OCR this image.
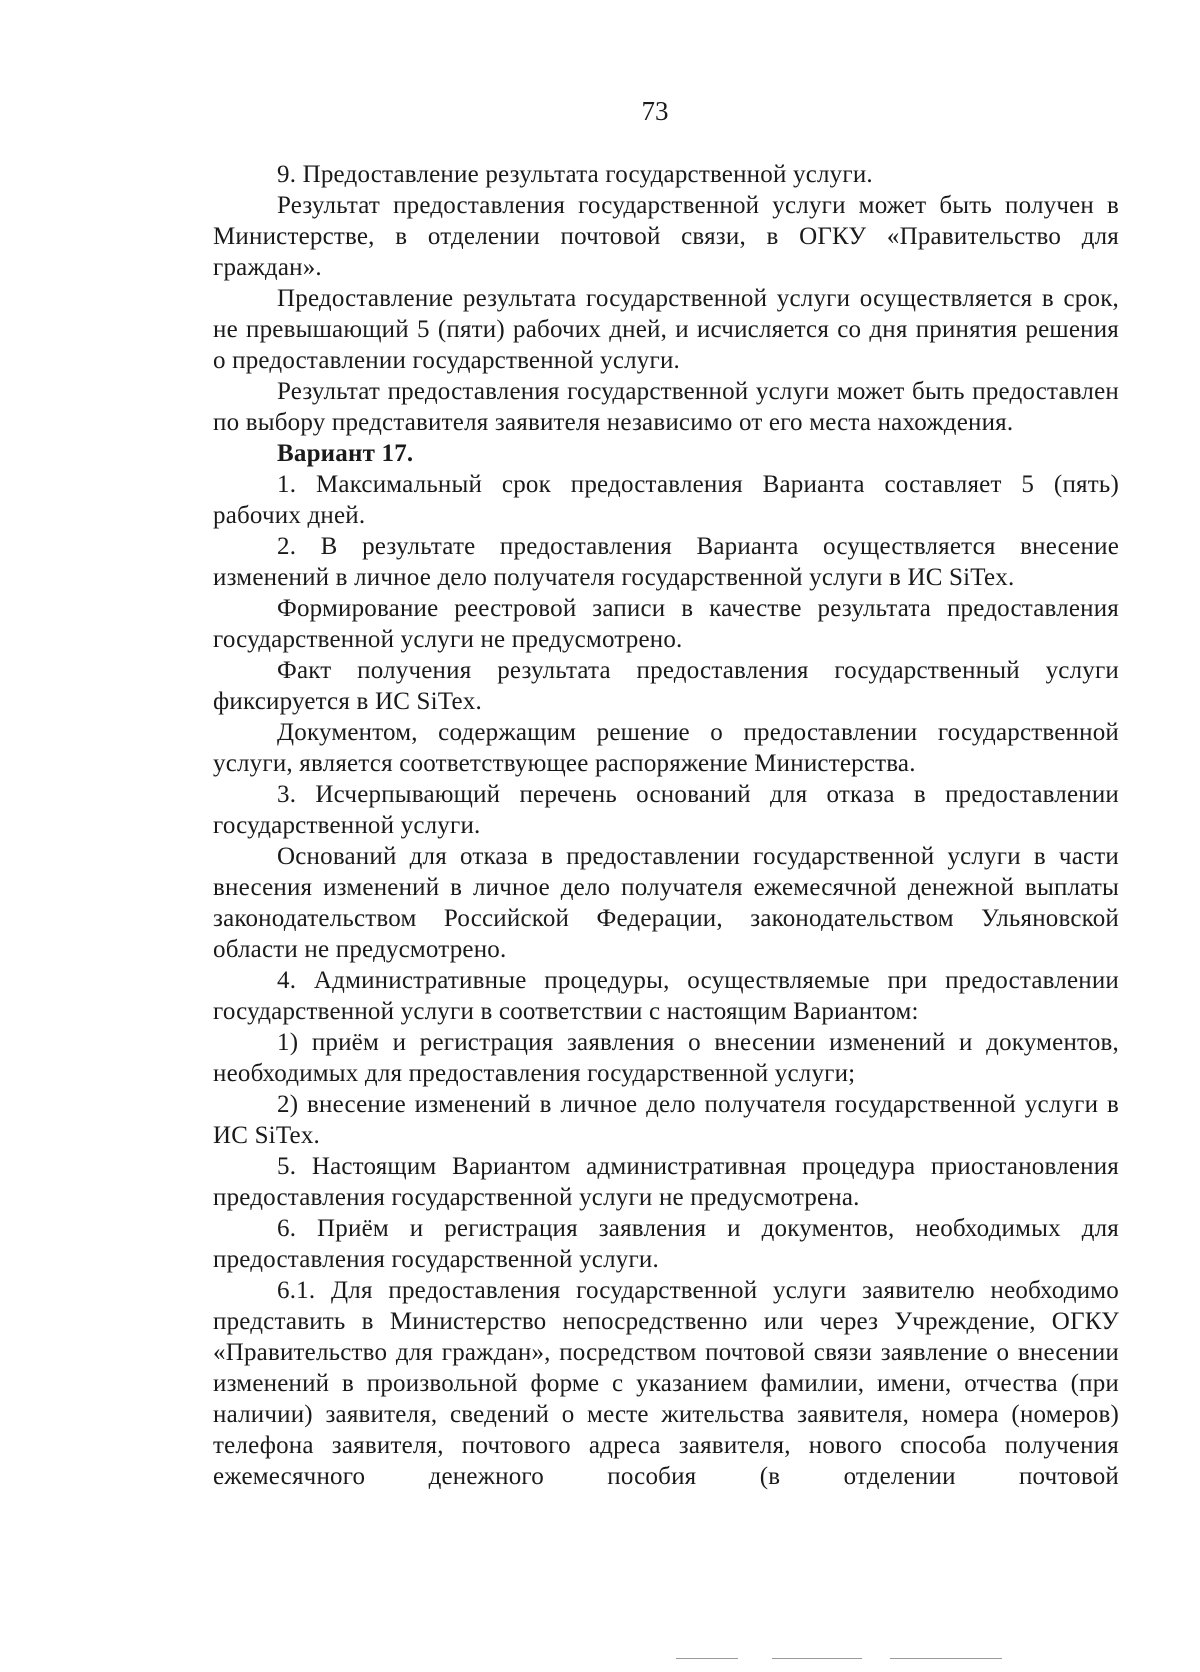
73

9. Предоставление результата государственной услуги.

Результат предоставления государственной услуги может быть получен в Министерстве, в отделении почтовой связи, в ОГКУ «Правительство для граждан».

Предоставление результата государственной услуги осуществляется в срок, не превышающий 5 (пяти) рабочих дней, и исчисляется со дня принятия решения о предоставлении государственной услуги.

Результат предоставления государственной услуги может быть предоставлен по выбору представителя заявителя независимо от его места нахождения.

Вариант 17.

1. Максимальный срок предоставления Варианта составляет 5 (пять) рабочих дней.

2. В результате предоставления Варианта осуществляется внесение изменений в личное дело получателя государственной услуги в ИС SiTex.

Формирование реестровой записи в качестве результата предоставления государственной услуги не предусмотрено.

Факт получения результата предоставления государственный услуги фиксируется в ИС SiTex.

Документом, содержащим решение о предоставлении государственной услуги, является соответствующее распоряжение Министерства.

3. Исчерпывающий перечень оснований для отказа в предоставлении государственной услуги.

Оснований для отказа в предоставлении государственной услуги в части внесения изменений в личное дело получателя ежемесячной денежной выплаты законодательством Российской Федерации, законодательством Ульяновской области не предусмотрено.

4. Административные процедуры, осуществляемые при предоставлении государственной услуги в соответствии с настоящим Вариантом:

1) приём и регистрация заявления о внесении изменений и документов, необходимых для предоставления государственной услуги;

2) внесение изменений в личное дело получателя государственной услуги в ИС SiTex.

5. Настоящим Вариантом административная процедура приостановления предоставления государственной услуги не предусмотрена.

6. Приём и регистрация заявления и документов, необходимых для предоставления государственной услуги.

6.1. Для предоставления государственной услуги заявителю необходимо представить в Министерство непосредственно или через Учреждение, ОГКУ «Правительство для граждан», посредством почтовой связи заявление о внесении изменений в произвольной форме с указанием фамилии, имени, отчества (при наличии) заявителя, сведений о месте жительства заявителя, номера (номеров) телефона заявителя, почтового адреса заявителя, нового способа получения ежемесячного денежного пособия (в отделении почтовой
